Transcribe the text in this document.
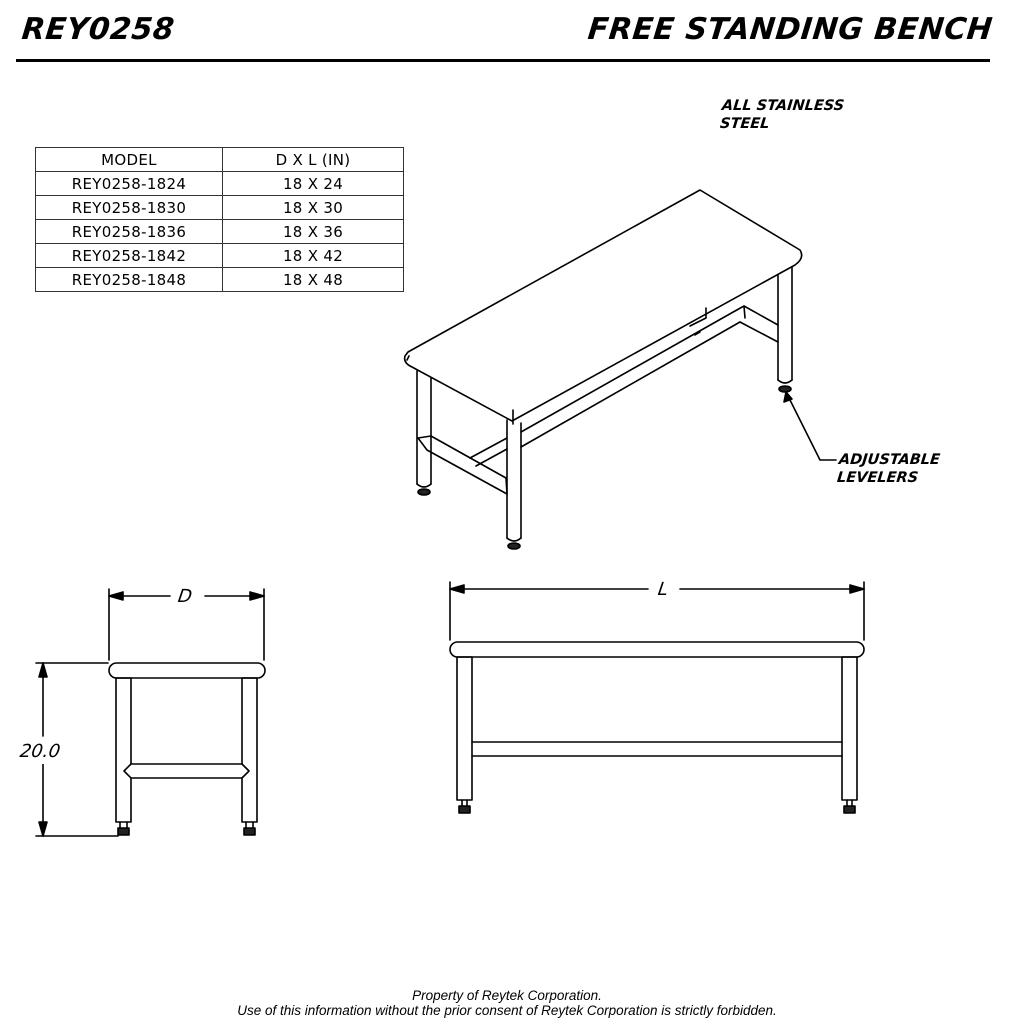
REY0258	FREE STANDING BENCH
MODEL	D X L (IN)
REY0258-1824	18 X 24
REY0258-1830	18 X 30
REY0258-1836	18 X 36
REY0258-1842	18 X 42
REY0258-1848	18 X 48
ALL STAINLESS
STEEL
ADJUSTABLE
LEVELERS
D	L
20.0
Property of Reytek Corporation.
Use of this information without the prior consent of Reytek Corporation is strictly forbidden.
